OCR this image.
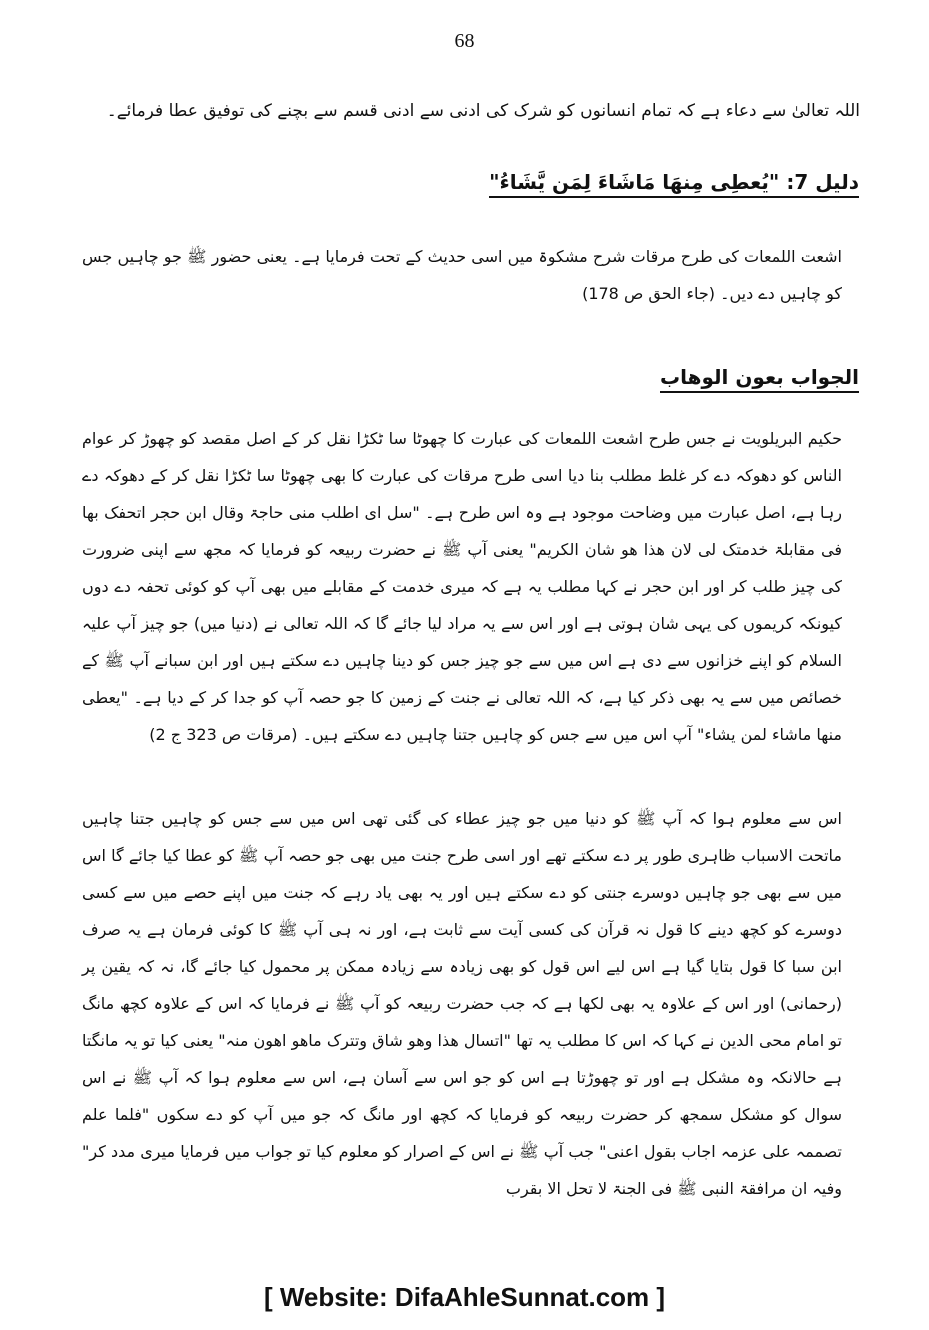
68
اللہ تعالیٰ سے دعاء ہے کہ تمام انسانوں کو شرک کی ادنی سے ادنی قسم سے بچنے کی توفیق عطا فرمائے۔
دلیل 7: "یُعطِی مِنھَا مَاشَاءَ لِمَن یَّشَاءُ"
اشعت اللمعات کی طرح مرقات شرح مشکوۃ میں اسی حدیث کے تحت فرمایا ہے۔ یعنی حضور ﷺ جو چاہیں جس کو چاہیں دے دیں۔ (جاء الحق ص 178)
الجواب بعون الوھاب
حکیم البریلویت نے جس طرح اشعت اللمعات کی عبارت کا چھوٹا سا ٹکڑا نقل کر کے اصل مقصد کو چھوڑ کر عوام الناس کو دھوکہ دے کر غلط مطلب بنا دیا اسی طرح مرقات کی عبارت کا بھی چھوٹا سا ٹکڑا نقل کر کے دھوکہ دے رہا ہے، اصل عبارت میں وضاحت موجود ہے وہ اس طرح ہے۔ "سل ای اطلب منی حاجۃ وقال ابن حجر اتحفک بھا فی مقابلۃ خدمتک لی لان ھذا ھو شان الکریم" یعنی آپ ﷺ نے حضرت ربیعہ کو فرمایا کہ مجھ سے اپنی ضرورت کی چیز طلب کر اور ابن حجر نے کہا مطلب یہ ہے کہ میری خدمت کے مقابلے میں بھی آپ کو کوئی تحفہ دے دوں کیونکہ کریموں کی یہی شان ہوتی ہے اور اس سے یہ مراد لیا جائے گا کہ اللہ تعالی نے (دنیا میں) جو چیز آپ علیہ السلام کو اپنے خزانوں سے دی ہے اس میں سے جو چیز جس کو دینا چاہیں دے سکتے ہیں اور ابن سبانے آپ ﷺ کے خصائص میں سے یہ بھی ذکر کیا ہے، کہ اللہ تعالی نے جنت کے زمین کا جو حصہ آپ کو جدا کر کے دیا ہے۔ "یعطی منھا ماشاء لمن یشاء" آپ اس میں سے جس کو چاہیں جتنا چاہیں دے سکتے ہیں۔ (مرقات ص 323 ج 2)
اس سے معلوم ہوا کہ آپ ﷺ کو دنیا میں جو چیز عطاء کی گئی تھی اس میں سے جس کو چاہیں جتنا چاہیں ماتحت الاسباب ظاہری طور پر دے سکتے تھے اور اسی طرح جنت میں بھی جو حصہ آپ ﷺ کو عطا کیا جائے گا اس میں سے بھی جو چاہیں دوسرے جنتی کو دے سکتے ہیں اور یہ بھی یاد رہے کہ جنت میں اپنے حصے میں سے کسی دوسرے کو کچھ دینے کا قول نہ قرآن کی کسی آیت سے ثابت ہے، اور نہ ہی آپ ﷺ کا کوئی فرمان ہے یہ صرف ابن سبا کا قول بتایا گیا ہے اس لیے اس قول کو بھی زیادہ سے زیادہ ممکن پر محمول کیا جائے گا، نہ کہ یقین پر (رحمانی) اور اس کے علاوہ یہ بھی لکھا ہے کہ جب حضرت ربیعہ کو آپ ﷺ نے فرمایا کہ اس کے علاوہ کچھ مانگ تو امام محی الدین نے کہا کہ اس کا مطلب یہ تھا "اتسال ھذا وھو شاق وتترک ماھو اھون منہ" یعنی کیا تو یہ مانگتا ہے حالانکہ وہ مشکل ہے اور تو چھوڑتا ہے اس کو جو اس سے آسان ہے، اس سے معلوم ہوا کہ آپ ﷺ نے اس سوال کو مشکل سمجھ کر حضرت ربیعہ کو فرمایا کہ کچھ اور مانگ کہ جو میں آپ کو دے سکوں "فلما علم تصممہ علی عزمہ اجاب بقول اعنی" جب آپ ﷺ نے اس کے اصرار کو معلوم کیا تو جواب میں فرمایا میری مدد کر" وفیہ ان مرافقۃ النبی ﷺ فی الجنۃ لا تحل الا بقرب
[ Website: DifaAhleSunnat.com ]
